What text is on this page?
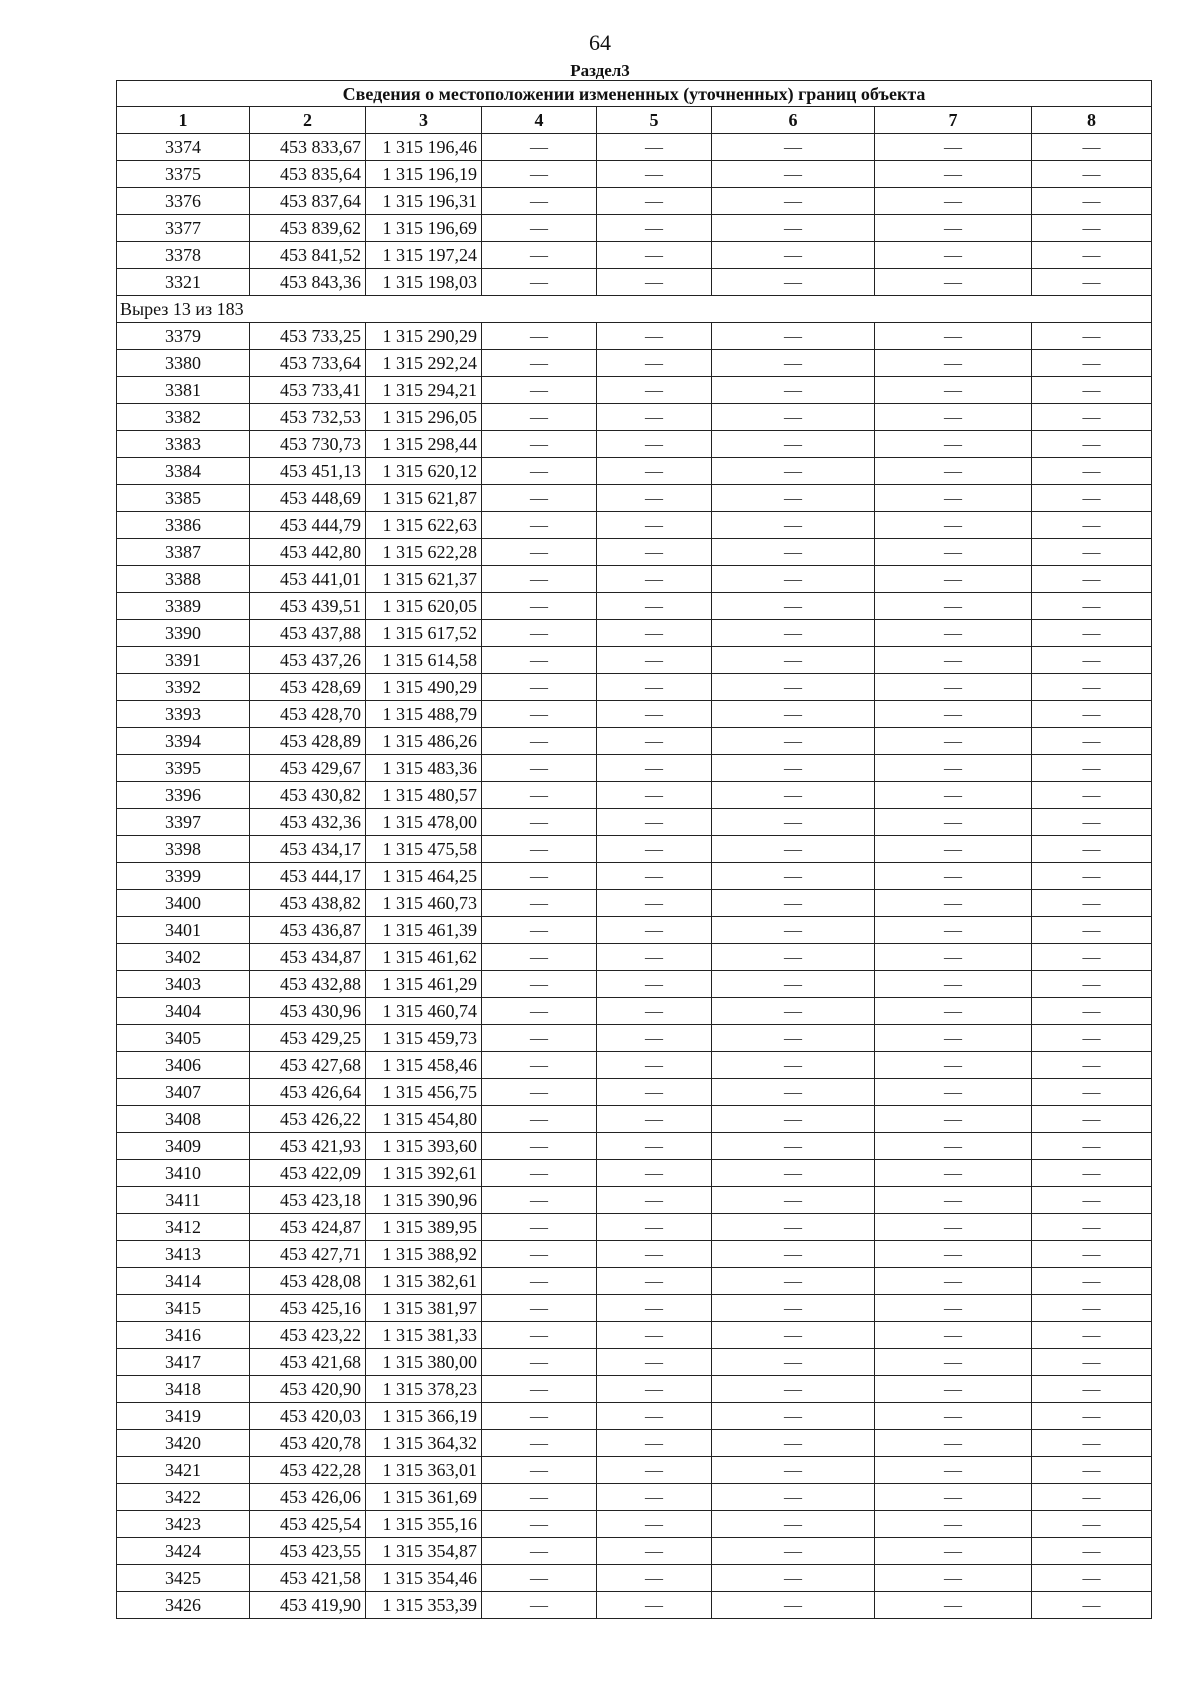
64
Раздел3
Сведения о местоположении измененных (уточненных) границ объекта							
1	2	3	4	5	6	7	8
3374	453 833,67	1 315 196,46	—	—	—	—	—
3375	453 835,64	1 315 196,19	—	—	—	—	—
3376	453 837,64	1 315 196,31	—	—	—	—	—
3377	453 839,62	1 315 196,69	—	—	—	—	—
3378	453 841,52	1 315 197,24	—	—	—	—	—
3321	453 843,36	1 315 198,03	—	—	—	—	—
Вырез 13 из 183							
3379	453 733,25	1 315 290,29	—	—	—	—	—
3380	453 733,64	1 315 292,24	—	—	—	—	—
3381	453 733,41	1 315 294,21	—	—	—	—	—
3382	453 732,53	1 315 296,05	—	—	—	—	—
3383	453 730,73	1 315 298,44	—	—	—	—	—
3384	453 451,13	1 315 620,12	—	—	—	—	—
3385	453 448,69	1 315 621,87	—	—	—	—	—
3386	453 444,79	1 315 622,63	—	—	—	—	—
3387	453 442,80	1 315 622,28	—	—	—	—	—
3388	453 441,01	1 315 621,37	—	—	—	—	—
3389	453 439,51	1 315 620,05	—	—	—	—	—
3390	453 437,88	1 315 617,52	—	—	—	—	—
3391	453 437,26	1 315 614,58	—	—	—	—	—
3392	453 428,69	1 315 490,29	—	—	—	—	—
3393	453 428,70	1 315 488,79	—	—	—	—	—
3394	453 428,89	1 315 486,26	—	—	—	—	—
3395	453 429,67	1 315 483,36	—	—	—	—	—
3396	453 430,82	1 315 480,57	—	—	—	—	—
3397	453 432,36	1 315 478,00	—	—	—	—	—
3398	453 434,17	1 315 475,58	—	—	—	—	—
3399	453 444,17	1 315 464,25	—	—	—	—	—
3400	453 438,82	1 315 460,73	—	—	—	—	—
3401	453 436,87	1 315 461,39	—	—	—	—	—
3402	453 434,87	1 315 461,62	—	—	—	—	—
3403	453 432,88	1 315 461,29	—	—	—	—	—
3404	453 430,96	1 315 460,74	—	—	—	—	—
3405	453 429,25	1 315 459,73	—	—	—	—	—
3406	453 427,68	1 315 458,46	—	—	—	—	—
3407	453 426,64	1 315 456,75	—	—	—	—	—
3408	453 426,22	1 315 454,80	—	—	—	—	—
3409	453 421,93	1 315 393,60	—	—	—	—	—
3410	453 422,09	1 315 392,61	—	—	—	—	—
3411	453 423,18	1 315 390,96	—	—	—	—	—
3412	453 424,87	1 315 389,95	—	—	—	—	—
3413	453 427,71	1 315 388,92	—	—	—	—	—
3414	453 428,08	1 315 382,61	—	—	—	—	—
3415	453 425,16	1 315 381,97	—	—	—	—	—
3416	453 423,22	1 315 381,33	—	—	—	—	—
3417	453 421,68	1 315 380,00	—	—	—	—	—
3418	453 420,90	1 315 378,23	—	—	—	—	—
3419	453 420,03	1 315 366,19	—	—	—	—	—
3420	453 420,78	1 315 364,32	—	—	—	—	—
3421	453 422,28	1 315 363,01	—	—	—	—	—
3422	453 426,06	1 315 361,69	—	—	—	—	—
3423	453 425,54	1 315 355,16	—	—	—	—	—
3424	453 423,55	1 315 354,87	—	—	—	—	—
3425	453 421,58	1 315 354,46	—	—	—	—	—
3426	453 419,90	1 315 353,39	—	—	—	—	—
